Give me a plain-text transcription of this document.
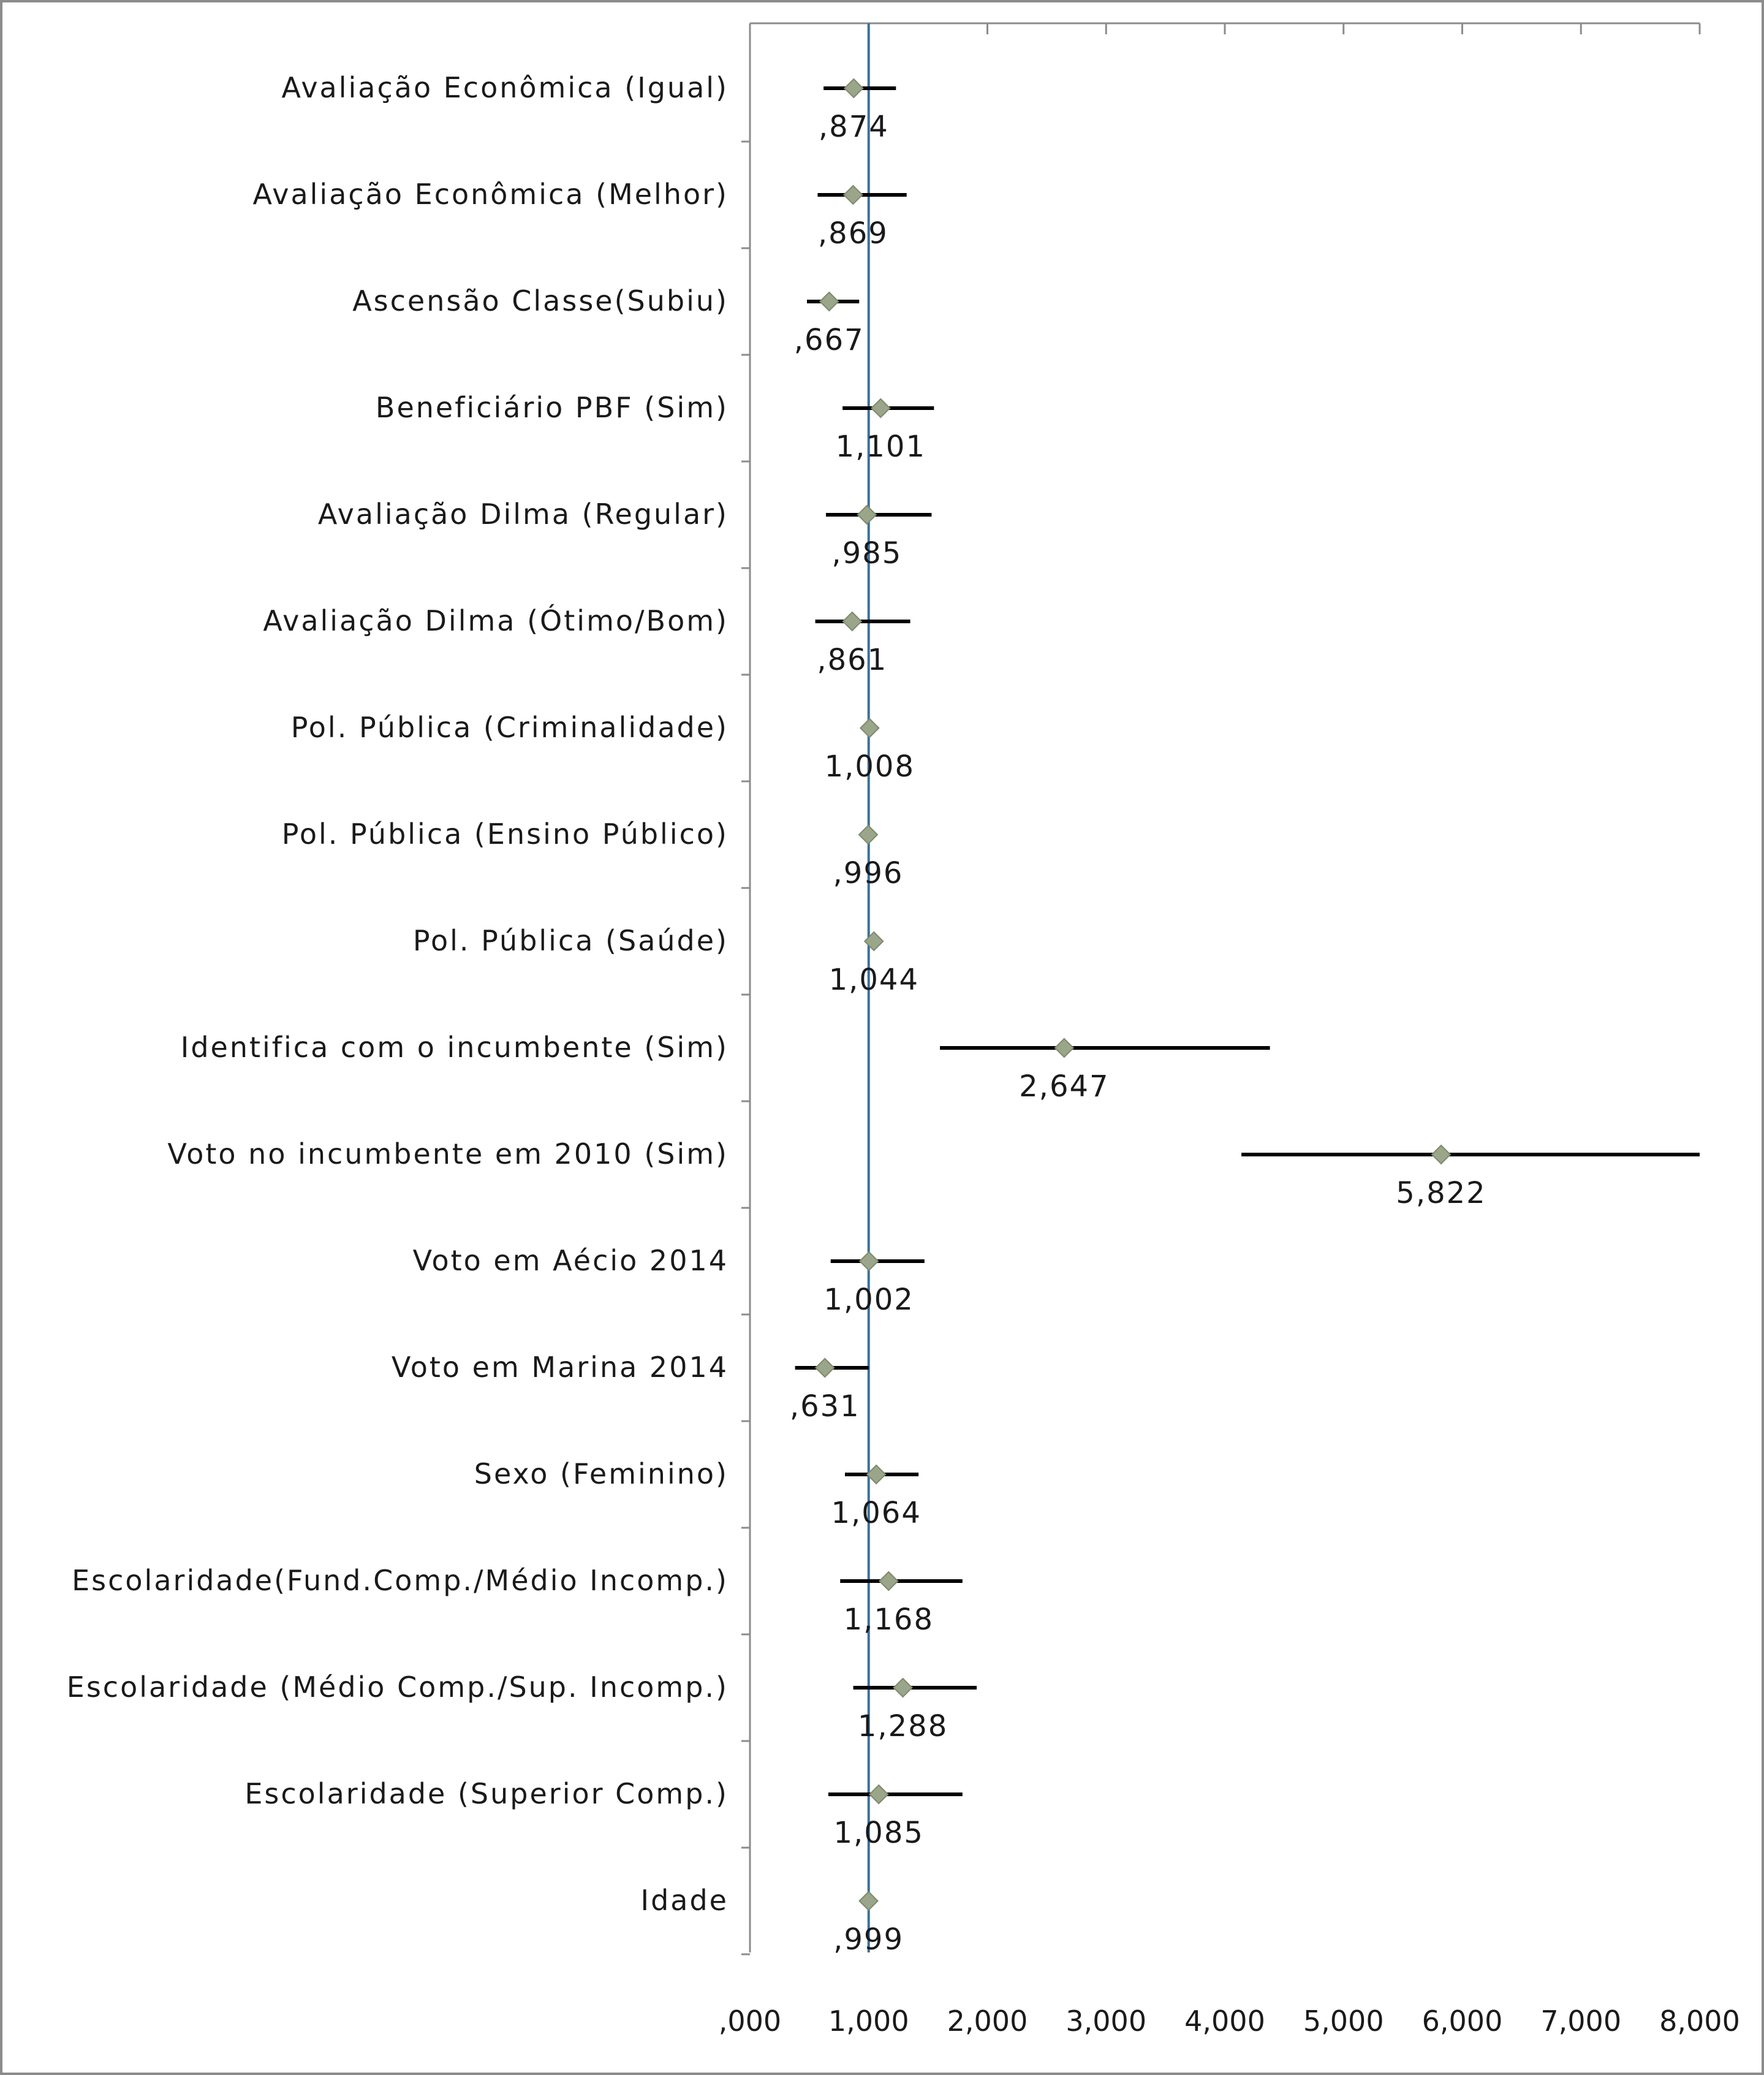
,000 1,000 2,000 3,000 4,000 5,000 6,000 7,000 8,000
Avaliação Econômica (Igual)
,874
Avaliação Econômica (Melhor)
,869
Ascensão Classe(Subiu)
,667
Beneficiário PBF (Sim)
1,101
Avaliação Dilma (Regular)
,985
Avaliação Dilma (Ótimo/Bom)
,861
Pol. Pública (Criminalidade)
1,008
Pol. Pública (Ensino Público)
,996
Pol. Pública (Saúde)
1,044
Identifica com o incumbente (Sim)
2,647
Voto no incumbente em 2010 (Sim)
5,822
Voto em Aécio 2014
1,002
Voto em Marina 2014
,631
Sexo (Feminino)
1,064
Escolaridade(Fund.Comp./Médio Incomp.)
1,168
Escolaridade (Médio Comp./Sup. Incomp.)
1,288
Escolaridade (Superior Comp.)
1,085
Idade
,999
